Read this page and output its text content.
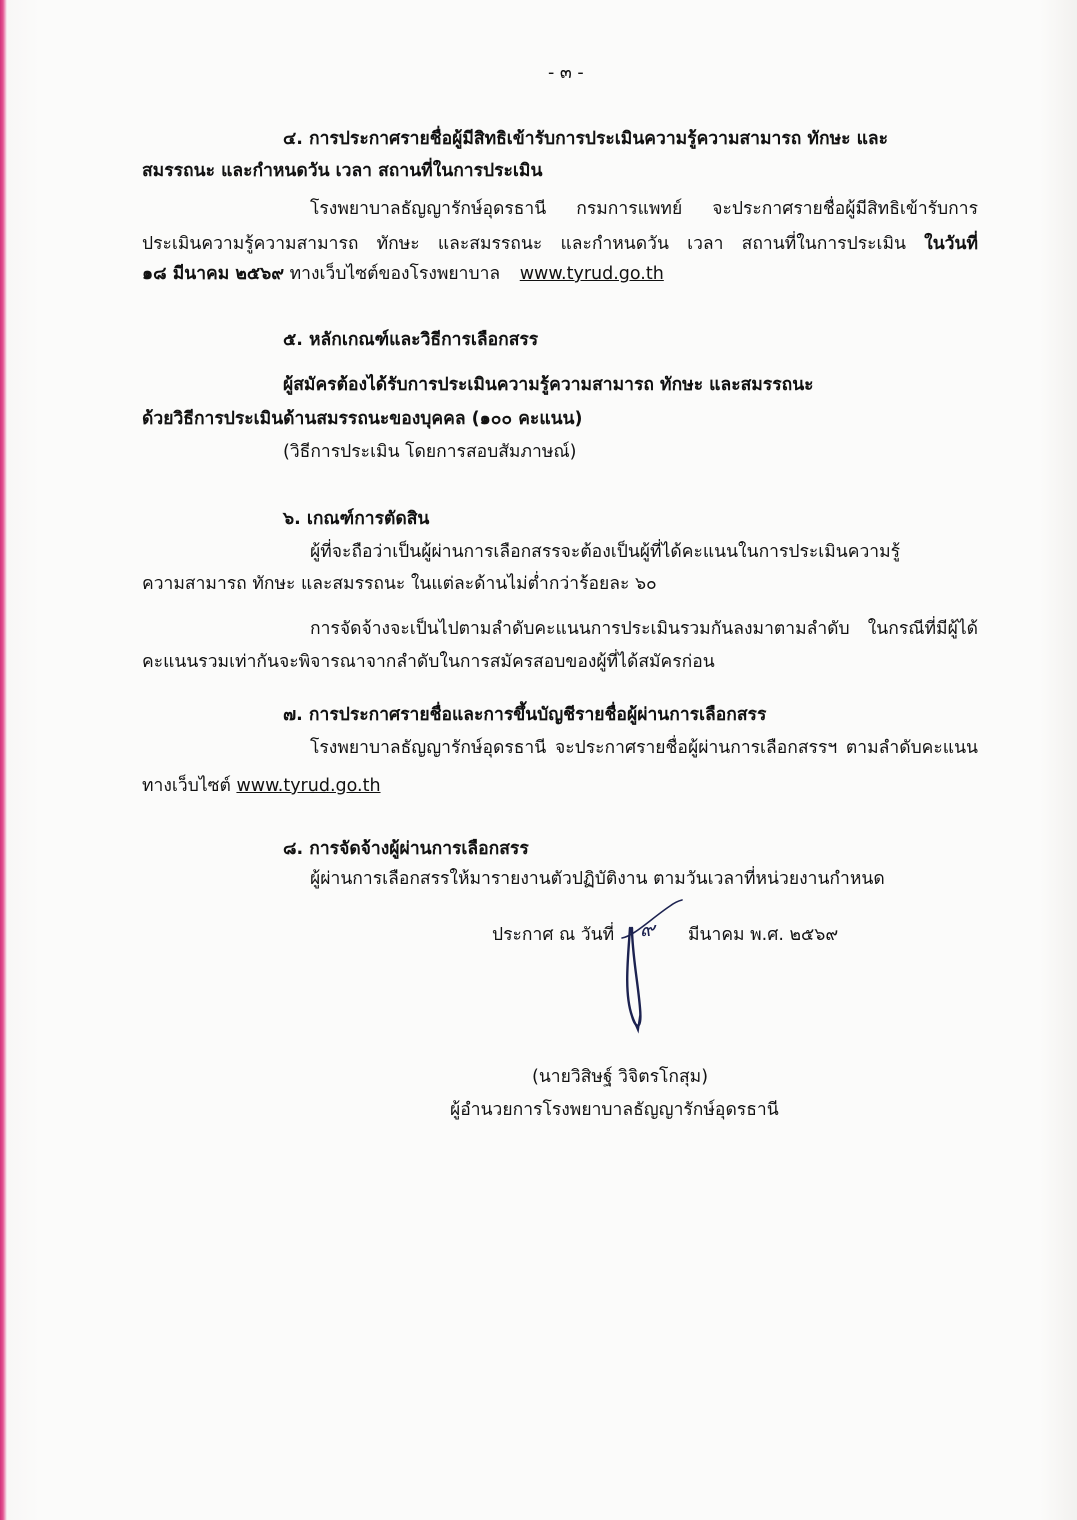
- ๓ -
๔. การประกาศรายชื่อผู้มีสิทธิเข้ารับการประเมินความรู้ความสามารถ ทักษะ และ
สมรรถนะ และกำหนดวัน เวลา สถานที่ในการประเมิน
โรงพยาบาลธัญญารักษ์อุดรธานี กรมการแพทย์ จะประกาศรายชื่อผู้มีสิทธิเข้ารับการ
ประเมินความรู้ความสามารถ ทักษะ และสมรรถนะ และกำหนดวัน เวลา สถานที่ในการประเมิน ในวันที่
๑๘ มีนาคม ๒๕๖๙ ทางเว็บไซต์ของโรงพยาบาล www.tyrud.go.th
๕. หลักเกณฑ์และวิธีการเลือกสรร
ผู้สมัครต้องได้รับการประเมินความรู้ความสามารถ ทักษะ และสมรรถนะ
ด้วยวิธีการประเมินด้านสมรรถนะของบุคคล (๑๐๐ คะแนน)
(วิธีการประเมิน โดยการสอบสัมภาษณ์)
๖. เกณฑ์การตัดสิน
ผู้ที่จะถือว่าเป็นผู้ผ่านการเลือกสรรจะต้องเป็นผู้ที่ได้คะแนนในการประเมินความรู้
ความสามารถ ทักษะ และสมรรถนะ ในแต่ละด้านไม่ต่ำกว่าร้อยละ ๖๐
การจัดจ้างจะเป็นไปตามลำดับคะแนนการประเมินรวมกันลงมาตามลำดับ ในกรณีที่มีผู้ได้
คะแนนรวมเท่ากันจะพิจารณาจากลำดับในการสมัครสอบของผู้ที่ได้สมัครก่อน
๗. การประกาศรายชื่อและการขึ้นบัญชีรายชื่อผู้ผ่านการเลือกสรร
โรงพยาบาลธัญญารักษ์อุดรธานี จะประกาศรายชื่อผู้ผ่านการเลือกสรรฯ ตามลำดับคะแนน
ทางเว็บไซต์ www.tyrud.go.th
๘. การจัดจ้างผู้ผ่านการเลือกสรร
ผู้ผ่านการเลือกสรรให้มารายงานตัวปฏิบัติงาน ตามวันเวลาที่หน่วยงานกำหนด
ประกาศ ณ วันที่ ๙ มีนาคม พ.ศ. ๒๕๖๙
(นายวิสิษฐ์ วิจิตรโกสุม)
ผู้อำนวยการโรงพยาบาลธัญญารักษ์อุดรธานี
